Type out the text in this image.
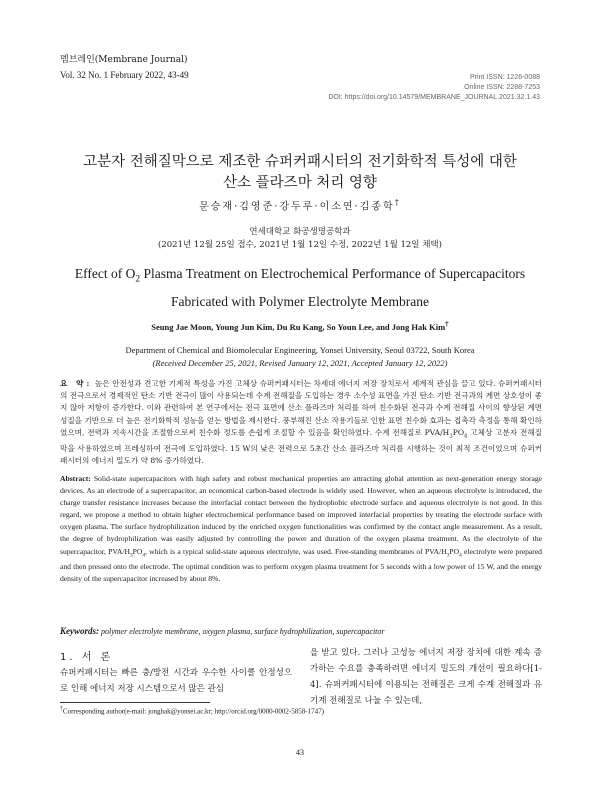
멤브레인(Membrane Journal)
Vol. 32 No. 1 February 2022, 43-49	Print ISSN: 1226-0088
Online ISSN: 2288-7253
DOI: https://doi.org/10.14579/MEMBRANE_JOURNAL.2021.32.1.43
고분자 전해질막으로 제조한 슈퍼커패시터의 전기화학적 특성에 대한
산소 플라즈마 처리 영향
문승재·김영준·강두루·이소연·김종학†
연세대학교 화공생명공학과
(2021년 12월 25일 접수, 2021년 1월 12일 수정, 2022년 1월 12일 채택)
Effect of $O_2$ Plasma Treatment on Electrochemical Performance of Supercapacitors
Fabricated with Polymer Electrolyte Membrane
Seung Jae Moon, Young Jun Kim, Du Ru Kang, So Youn Lee, and Jong Hak Kim†
Department of Chemical and Biomolecular Engineering, Yonsei University, Seoul 03722, South Korea
(Received December 25, 2021, Revised January 12, 2021, Accepted January 12, 2022)
요 약: 높은 안전성과 견고한 기계적 특성을 가진 고체상 슈퍼커패시터는 차세대 에너지 저장 장치로서 세계적 관심을 끌고 있다. 슈퍼커패시터의 전극으로서 경제적인 탄소 기반 전극이 많이 사용되는데 수계 전해질을 도입하는 경우 소수성 표면을 가진 탄소 기반 전극과의 계면 상호성이 좋지 않아 저항이 증가한다. 이와 관련하여 본 연구에서는 전극 표면에 산소 플라즈마 처리를 하여 친수화된 전극과 수계 전해질 사이의 향상된 계면 성질을 기반으로 더 높은 전기화학적 성능을 얻는 방법을 제시한다. 풍부해진 산소 작용기들로 인한 표면 친수화 효과는 접촉각 측정을 통해 확인하였으며, 전력과 지속시간을 조절함으로써 친수화 정도를 손쉽게 조절할 수 있음을 확인하였다. 수계 전해질로 PVA/$H_3PO_4$ 고체상 고분자 전해질막을 사용하였으며 프레싱하여 전극에 도입하였다. 15 W의 낮은 전력으로 5초간 산소 플라즈마 처리를 시행하는 것이 최적 조건이었으며 슈퍼커패시터의 에너지 밀도가 약 8% 증가하였다.
Abstract: Solid-state supercapacitors with high safety and robust mechanical properties are attracting global attention as next-generation energy storage devices. As an electrode of a supercapacitor, an economical carbon-based electrode is widely used. However, when an aqueous electrolyte is introduced, the charge transfer resistance increases because the interfacial contact between the hydrophobic electrode surface and aqueous electrolyte is not good. In this regard, we propose a method to obtain higher electrochemical performance based on improved interfacial properties by treating the electrode surface with oxygen plasma. The surface hydrophilization induced by the enriched oxygen functionalities was confirmed by the contact angle measurement. As a result, the degree of hydrophilization was easily adjusted by controlling the power and duration of the oxygen plasma treatment. As the electrolyte of the supercapacitor, PVA/$H_3PO_4$, which is a typical solid-state aqueous electrolyte, was used. Free-standing membranes of PVA/$H_3PO_4$ electrolyte were prepared and then pressed onto the electrode. The optimal condition was to perform oxygen plasma treatment for 5 seconds with a low power of 15 W, and the energy density of the supercapacitor increased by about 8%.
Keywords: polymer electrolyte membrane, oxygen plasma, surface hydrophilization, supercapacitor
1. 서 론
슈퍼커패시터는 빠른 충/방전 시간과 우수한 사이클 안정성으로 인해 에너지 저장 시스템으로서 많은 관심
을 받고 있다. 그러나 고성능 에너지 저장 장치에 대한 계속 증가하는 수요를 충족하려면 에너지 밀도의 개선이 필요하다[1-4]. 슈퍼커패시터에 이용되는 전해질은 크게 수계 전해질과 유기계 전해질로 나눌 수 있는데,
†Corresponding author(e-mail: jonghak@yonsei.ac.kr; http://orcid.org/0000-0002-5858-1747)
43
